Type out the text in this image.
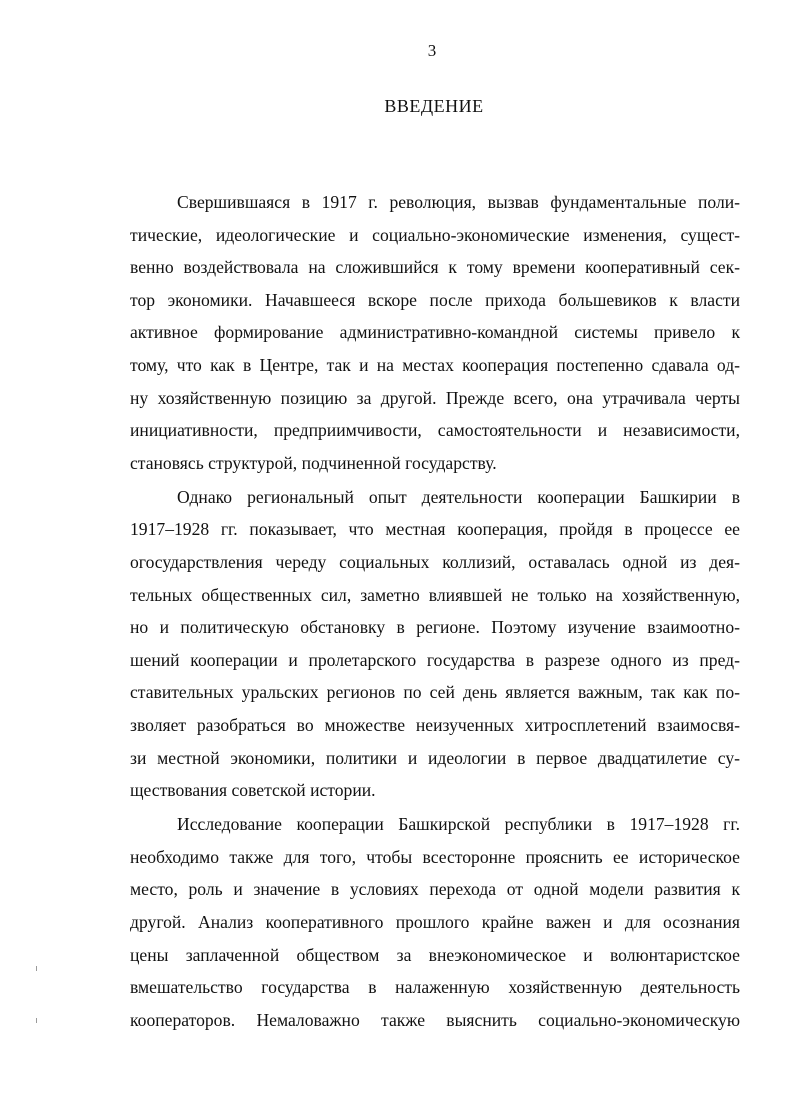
3
ВВЕДЕНИЕ
Свершившаяся в 1917 г. революция, вызвав фундаментальные поли-
тические, идеологические и социально-экономические изменения, сущест-
венно воздействовала на сложившийся к тому времени кооперативный сек-
тор экономики. Начавшееся вскоре после прихода большевиков к власти
активное формирование административно-командной системы привело к
тому, что как в Центре, так и на местах кооперация постепенно сдавала од-
ну хозяйственную позицию за другой. Прежде всего, она утрачивала черты
инициативности, предприимчивости, самостоятельности и независимости,
становясь структурой, подчиненной государству.
Однако региональный опыт деятельности кооперации Башкирии в
1917–1928 гг. показывает, что местная кооперация, пройдя в процессе ее
огосударствления череду социальных коллизий, оставалась одной из дея-
тельных общественных сил, заметно влиявшей не только на хозяйственную,
но и политическую обстановку в регионе. Поэтому изучение взаимоотно-
шений кооперации и пролетарского государства в разрезе одного из пред-
ставительных уральских регионов по сей день является важным, так как по-
зволяет разобраться во множестве неизученных хитросплетений взаимосвя-
зи местной экономики, политики и идеологии в первое двадцатилетие су-
ществования советской истории.
Исследование кооперации Башкирской республики в 1917–1928 гг.
необходимо также для того, чтобы всесторонне прояснить ее историческое
место, роль и значение в условиях перехода от одной модели развития к
другой. Анализ кооперативного прошлого крайне важен и для осознания
цены заплаченной обществом за внеэкономическое и волюнтаристское
вмешательство государства в налаженную хозяйственную деятельность
кооператоров. Немаловажно также выяснить социально-экономическую
